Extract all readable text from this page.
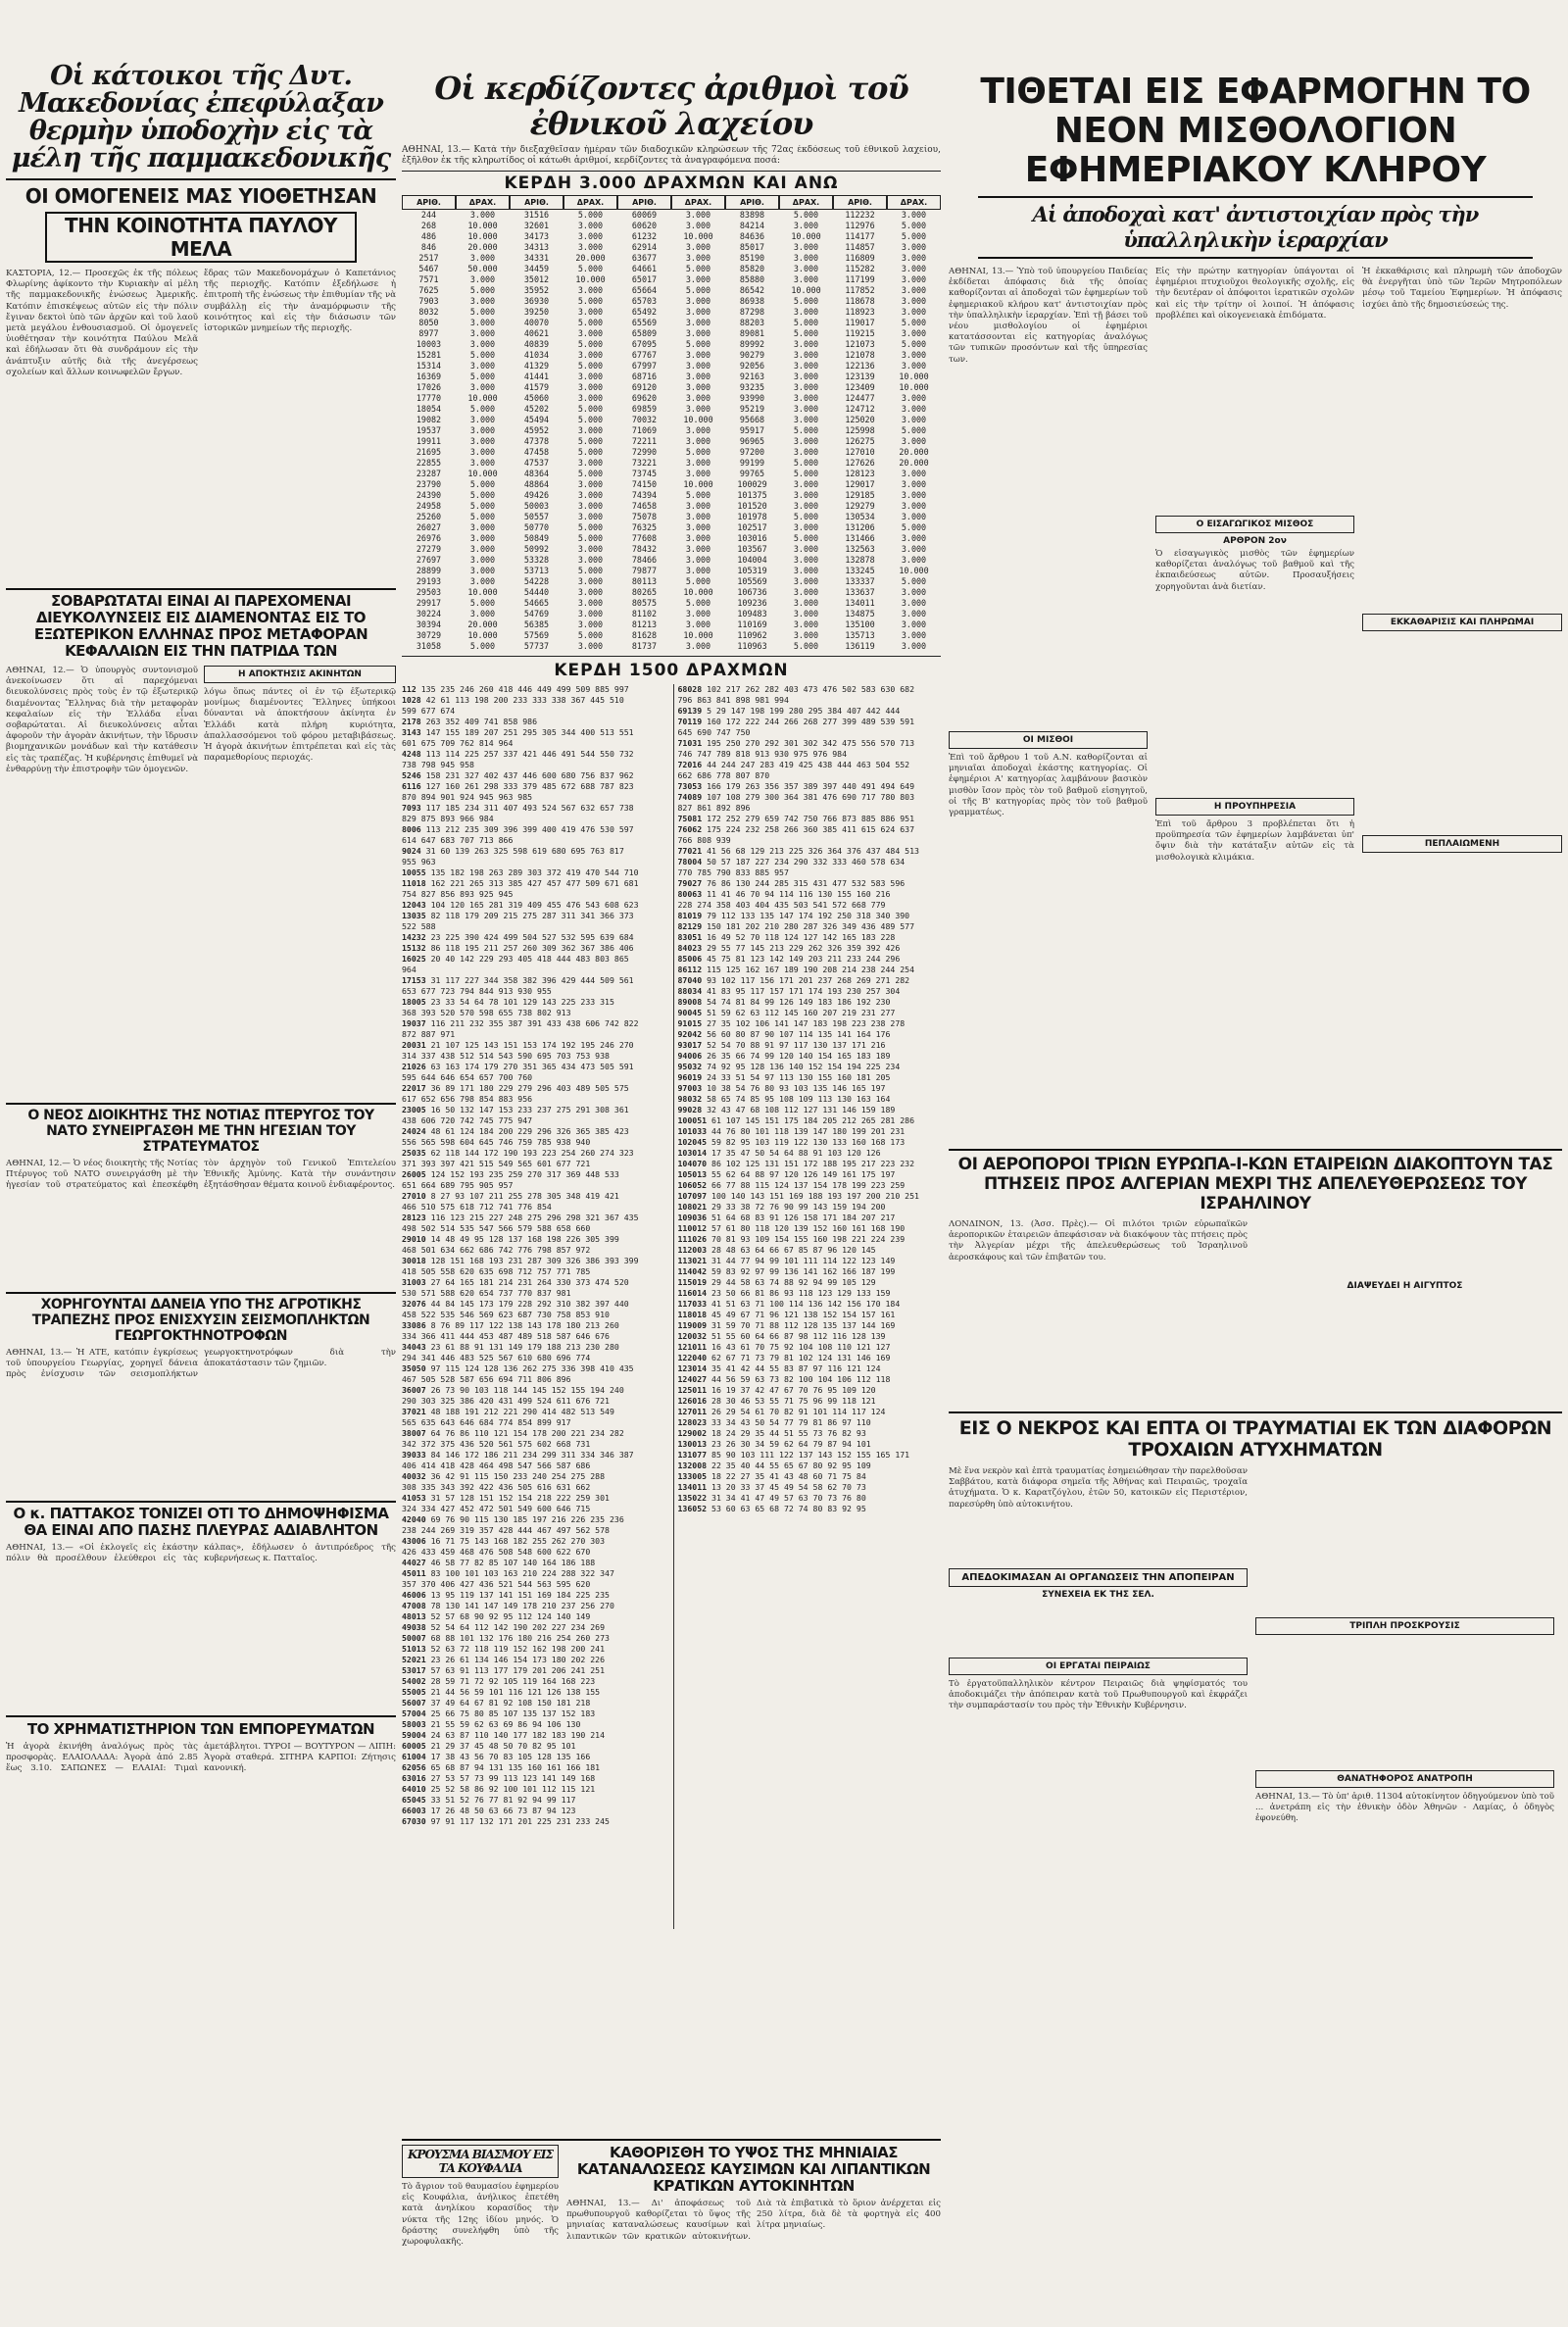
Οἱ κάτοικοι τῆς Δυτ. Μακεδονίας ἐπεφύλαξαν θερμὴν ὑποδοχὴν εἰς τὰ μέλη τῆς παμμακεδονικῆς
ΟΙ ΟΜΟΓΕΝΕΙΣ ΜΑΣ ΥΙΟΘΕΤΗΣΑΝ
ΤΗΝ ΚΟΙΝΟΤΗΤΑ ΠΑΥΛΟΥ ΜΕΛΑ
ΚΑΣΤΟΡΙΑ, 12.— Προσεχῶς ἐκ τῆς πόλεως Φλωρίνης ἀφίκοντο τὴν Κυριακὴν αἱ μέλη τῆς παμμακεδονικῆς ἑνώσεως Ἀμερικῆς. Κατόπιν ἐπισκέψεως αὐτῶν εἰς τὴν πόλιν ἔγιναν δεκτοὶ ὑπὸ τῶν ἀρχῶν καὶ τοῦ λαοῦ μετὰ μεγάλου ἐνθουσιασμοῦ. Οἱ ὁμογενεῖς ὑιοθέτησαν τὴν κοινότητα Παύλου Μελᾶ καὶ ἐδήλωσαν ὅτι θὰ συνδράμουν εἰς τὴν ἀνάπτυξιν αὐτῆς διὰ τῆς ἀνεγέρσεως σχολείων καὶ ἄλλων κοινωφελῶν ἔργων.
ἔδρας τῶν Μακεδονομάχων ὁ Καπετάνιος τῆς περιοχῆς. Κατόπιν ἐξεδήλωσε ἡ ἐπιτροπὴ τῆς ἑνώσεως τὴν ἐπιθυμίαν τῆς νὰ συμβάλλῃ εἰς τὴν ἀναμόρφωσιν τῆς κοινότητος καὶ εἰς τὴν διάσωσιν τῶν ἱστορικῶν μνημείων τῆς περιοχῆς.
ΣΟΒΑΡΩΤΑΤΑΙ ΕΙΝΑΙ ΑΙ ΠΑΡΕΧΟΜΕΝΑΙ ΔΙΕΥΚΟΛΥΝΣΕΙΣ ΕΙΣ ΔΙΑΜΕΝΟΝΤΑΣ ΕΙΣ ΤΟ ΕΞΩΤΕΡΙΚΟΝ ΕΛΛΗΝΑΣ ΠΡΟΣ ΜΕΤΑΦΟΡΑΝ ΚΕΦΑΛΑΙΩΝ ΕΙΣ ΤΗΝ ΠΑΤΡΙΔΑ ΤΩΝ
ΑΘΗΝΑΙ, 12.— Ὁ ὑπουργὸς συντονισμοῦ ἀνεκοίνωσεν ὅτι αἱ παρεχόμεναι διευκολύνσεις πρὸς τοὺς ἐν τῷ ἐξωτερικῷ διαμένοντας Ἕλληνας διὰ τὴν μεταφορὰν κεφαλαίων εἰς τὴν Ἑλλάδα εἶναι σοβαρώταται. Αἱ διευκολύνσεις αὗται ἀφοροῦν τὴν ἀγορὰν ἀκινήτων, τὴν ἵδρυσιν βιομηχανικῶν μονάδων καὶ τὴν κατάθεσιν εἰς τὰς τραπέζας. Ἡ κυβέρνησις ἐπιθυμεῖ νὰ ἐνθαρρύνῃ τὴν ἐπιστροφὴν τῶν ὁμογενῶν.
Η ΑΠΟΚΤΗΣΙΣ ΑΚΙΝΗΤΩΝ
λόγω ὅπως πάντες οἱ ἐν τῷ ἐξωτερικῷ μονίμως διαμένοντες Ἕλληνες ὑπήκοοι δύνανται νὰ ἀποκτήσουν ἀκίνητα ἐν Ἑλλάδι κατὰ πλήρη κυριότητα, ἀπαλλασσόμενοι τοῦ φόρου μεταβιβάσεως. Ἡ ἀγορὰ ἀκινήτων ἐπιτρέπεται καὶ εἰς τὰς παραμεθορίους περιοχάς.
Ο ΝΕΟΣ ΔΙΟΙΚΗΤΗΣ ΤΗΣ ΝΟΤΙΑΣ ΠΤΕΡΥΓΟΣ ΤΟΥ ΝΑΤΟ ΣΥΝΕΙΡΓΑΣΘΗ ΜΕ ΤΗΝ ΗΓΕΣΙΑΝ ΤΟΥ ΣΤΡΑΤΕΥΜΑΤΟΣ
ΑΘΗΝΑΙ, 12.— Ὁ νέος διοικητὴς τῆς Νοτίας Πτέρυγος τοῦ ΝΑΤΟ συνειργάσθη μὲ τὴν ἡγεσίαν τοῦ στρατεύματος καὶ ἐπεσκέφθη τὸν ἀρχηγὸν τοῦ Γενικοῦ Ἐπιτελείου Ἐθνικῆς Ἀμύνης. Κατὰ τὴν συνάντησιν ἐξητάσθησαν θέματα κοινοῦ ἐνδιαφέροντος.
ΧΟΡΗΓΟΥΝΤΑΙ ΔΑΝΕΙΑ ΥΠΟ ΤΗΣ ΑΓΡΟΤΙΚΗΣ ΤΡΑΠΕΖΗΣ ΠΡΟΣ ΕΝΙΣΧΥΣΙΝ ΣΕΙΣΜΟΠΛΗΚΤΩΝ ΓΕΩΡΓΟΚΤΗΝΟΤΡΟΦΩΝ
ΑΘΗΝΑΙ, 13.— Ἡ ΑΤΕ, κατόπιν ἐγκρίσεως τοῦ ὑπουργείου Γεωργίας, χορηγεῖ δάνεια πρὸς ἐνίσχυσιν τῶν σεισμοπλήκτων γεωργοκτηνοτρόφων διὰ τὴν ἀποκατάστασιν τῶν ζημιῶν.
Ο κ. ΠΑΤΤΑΚΟΣ ΤΟΝΙΖΕΙ ΟΤΙ ΤΟ ΔΗΜΟΨΗΦΙΣΜΑ ΘΑ ΕΙΝΑΙ ΑΠΟ ΠΑΣΗΣ ΠΛΕΥΡΑΣ ΑΔΙΑΒΛΗΤΟΝ
ΑΘΗΝΑΙ, 13.— «Οἱ ἐκλογεῖς εἰς ἑκάστην πόλιν θὰ προσέλθουν ἐλεύθεροι εἰς τὰς κάλπας», ἐδήλωσεν ὁ ἀντιπρόεδρος τῆς κυβερνήσεως κ. Πατταῖος.
ΤΟ ΧΡΗΜΑΤΙΣΤΗΡΙΟΝ ΤΩΝ ΕΜΠΟΡΕΥΜΑΤΩΝ
Ἡ ἀγορὰ ἐκινήθη ἀναλόγως πρὸς τὰς προσφορὰς. ΕΛΑΙΟΛΑΔΑ: Ἀγορὰ ἀπό 2.85 ἕως 3.10. ΣΑΠΩΝΕΣ — ΕΛΑΙΑΙ: Τιμαὶ ἀμετάβλητοι. ΤΥΡΟΙ — ΒΟΥΤΥΡΟΝ — ΛΙΠΗ: Ἀγορὰ σταθερά. ΣΙΤΗΡΑ ΚΑΡΠΟΙ: Ζήτησις κανονική.
Οἱ κερδίζοντες ἀριθμοὶ τοῦ ἐθνικοῦ λαχείου
ΑΘΗΝΑΙ, 13.— Κατὰ τὴν διεξαχθεῖσαν ἡμέραν τῶν διαδοχικῶν κληρώσεων τῆς 72ας ἐκδόσεως τοῦ ἐθνικοῦ λαχείου, ἐξῆλθον ἐκ τῆς κληρωτίδος οἱ κάτωθι ἀριθμοί, κερδίζοντες τὰ ἀναγραφόμενα ποσά:
ΚΕΡΔΗ 3.000 ΔΡΑΧΜΩΝ ΚΑΙ ΑΝΩ
ΑΡΙΘ.	ΔΡΑΧ.	ΑΡΙΘ.	ΔΡΑΧ.	ΑΡΙΘ.	ΔΡΑΧ.	ΑΡΙΘ.	ΔΡΑΧ.	ΑΡΙΘ.	ΔΡΑΧ.
244	3.000	31516	5.000	60069	3.000	83898	5.000	112232	3.000
268	10.000	32601	3.000	60620	3.000	84214	3.000	112976	5.000
486	10.000	34173	3.000	61232	10.000	84636	10.000	114177	5.000
846	20.000	34313	3.000	62914	3.000	85017	3.000	114857	3.000
2517	3.000	34331	20.000	63677	3.000	85190	3.000	116809	3.000
5467	50.000	34459	5.000	64661	5.000	85820	3.000	115282	3.000
7571	3.000	35012	10.000	65017	3.000	85880	3.000	117199	3.000
7625	5.000	35952	3.000	65664	5.000	86542	10.000	117852	3.000
7903	3.000	36930	5.000	65703	3.000	86938	5.000	118678	3.000
8032	5.000	39250	3.000	65492	3.000	87298	3.000	118923	3.000
8050	3.000	40070	5.000	65569	3.000	88203	5.000	119017	5.000
8977	3.000	40621	3.000	65809	3.000	89081	5.000	119215	3.000
10003	3.000	40839	5.000	67095	5.000	89992	3.000	121073	5.000
15281	5.000	41034	3.000	67767	3.000	90279	3.000	121078	3.000
15314	3.000	41329	5.000	67997	3.000	92056	3.000	122136	3.000
16369	5.000	41441	3.000	68716	3.000	92163	3.000	123139	10.000
17026	3.000	41579	3.000	69120	3.000	93235	3.000	123409	10.000
17770	10.000	45060	3.000	69620	3.000	93990	3.000	124477	3.000
18054	5.000	45202	5.000	69859	3.000	95219	3.000	124712	3.000
19082	3.000	45494	5.000	70032	10.000	95668	3.000	125020	3.000
19537	3.000	45952	3.000	71069	3.000	95917	5.000	125998	5.000
19911	3.000	47378	5.000	72211	3.000	96965	3.000	126275	3.000
21695	3.000	47458	5.000	72990	5.000	97200	3.000	127010	20.000
22855	3.000	47537	3.000	73221	3.000	99199	5.000	127626	20.000
23287	10.000	48364	5.000	73745	3.000	99765	5.000	128123	3.000
23790	5.000	48864	3.000	74150	10.000	100029	3.000	129017	3.000
24390	5.000	49426	3.000	74394	5.000	101375	3.000	129185	3.000
24958	5.000	50003	3.000	74658	3.000	101520	3.000	129279	3.000
25260	5.000	50557	3.000	75078	3.000	101978	5.000	130534	3.000
26027	3.000	50770	5.000	76325	3.000	102517	3.000	131206	5.000
26976	3.000	50849	5.000	77608	3.000	103016	5.000	131466	3.000
27279	3.000	50992	3.000	78432	3.000	103567	3.000	132563	3.000
27697	3.000	53328	3.000	78466	3.000	104004	3.000	132878	3.000
28899	3.000	53713	5.000	79877	3.000	105319	3.000	133245	10.000
29193	3.000	54228	3.000	80113	5.000	105569	3.000	133337	5.000
29503	10.000	54440	3.000	80265	10.000	106736	3.000	133637	3.000
29917	5.000	54665	3.000	80575	5.000	109236	3.000	134011	3.000
30224	3.000	54769	3.000	81102	3.000	109483	3.000	134875	3.000
30394	20.000	56385	3.000	81213	3.000	110169	3.000	135100	3.000
30729	10.000	57569	5.000	81628	10.000	110962	3.000	135713	3.000
31058	5.000	57737	3.000	81737	3.000	110963	5.000	136119	3.000
ΚΕΡΔΗ 1500 ΔΡΑΧΜΩΝ
112 135 235 246 260 418 446 449 499 509 885 997
1028 42 61 113 198 200 233 333 338 367 445 510
599 677 674
2178 263 352 409 741 858 986
3143 147 155 189 207 251 295 305 344 400 513 551
601 675 709 762 814 964
4248 113 114 225 257 337 421 446 491 544 550 732
738 798 945 958
5246 158 231 327 402 437 446 600 680 756 837 962
6116 127 160 261 298 333 379 485 672 688 787 823
870 894 901 924 945 963 985
7093 117 185 234 311 407 493 524 567 632 657 738
829 875 893 966 984
8006 113 212 235 309 396 399 400 419 476 530 597
614 647 683 707 713 866
9024 31 60 139 263 325 598 619 680 695 763 817
955 963
10055 135 182 198 263 289 303 372 419 470 544 710
11018 162 221 265 313 385 427 457 477 509 671 681
754 827 856 893 925 945
12043 104 120 165 281 319 409 455 476 543 608 623
13035 82 118 179 209 215 275 287 311 341 366 373
522 588
14232 23 225 390 424 499 504 527 532 595 639 684
15132 86 118 195 211 257 260 309 362 367 386 406
16025 20 40 142 229 293 405 418 444 483 803 865
964
17153 31 117 227 344 358 382 396 429 444 509 561
653 677 723 794 844 913 930 955
18005 23 33 54 64 78 101 129 143 225 233 315
368 393 520 570 598 655 738 802 913
19037 116 211 232 355 387 391 433 438 606 742 822
872 887 971
20031 21 107 125 143 151 153 174 192 195 246 270
314 337 438 512 514 543 590 695 703 753 938
21026 63 163 174 179 270 351 365 434 473 505 591
595 644 646 654 657 700 760
22017 36 89 171 180 229 279 296 403 489 505 575
617 652 656 798 854 883 956
23005 16 50 132 147 153 233 237 275 291 308 361
438 606 720 742 745 775 947
24024 48 61 124 184 200 229 296 326 365 385 423
556 565 598 604 645 746 759 785 938 940
25035 62 118 144 172 190 193 223 254 260 274 323
371 393 397 421 515 549 565 601 677 721
26005 124 152 193 235 259 270 317 369 448 533
651 664 689 795 905 957
27010 8 27 93 107 211 255 278 305 348 419 421
466 510 575 618 712 741 776 854
28123 116 123 215 227 248 275 296 298 321 367 435
498 502 514 535 547 566 579 588 658 660
29010 14 48 49 95 128 137 168 198 226 305 399
468 501 634 662 686 742 776 798 857 972
30018 128 151 168 193 231 287 309 326 386 393 399
418 505 558 620 635 698 712 757 771 785
31003 27 64 165 181 214 231 264 330 373 474 520
530 571 588 620 654 737 770 837 981
32076 44 84 145 173 179 228 292 310 382 397 440
458 522 535 546 569 623 687 730 758 853 910
33086 8 76 89 117 122 138 143 178 180 213 260
334 366 411 444 453 487 489 518 587 646 676
34043 23 61 88 91 131 149 179 188 213 230 280
294 341 446 483 525 567 610 680 696 774
35050 97 115 124 128 136 262 275 336 398 410 435
467 505 528 587 656 694 711 806 896
36007 26 73 90 103 118 144 145 152 155 194 240
290 303 325 386 420 431 499 524 611 676 721
37021 48 188 191 212 221 290 414 482 513 549
565 635 643 646 684 774 854 899 917
38007 64 76 86 110 121 154 178 200 221 234 282
342 372 375 436 520 561 575 602 668 731
39033 84 146 172 186 211 234 299 311 334 346 387
406 414 418 428 464 498 547 566 587 686
40032 36 42 91 115 150 233 240 254 275 288
308 335 343 392 422 436 505 616 631 662
41053 31 57 128 151 152 154 218 222 259 301
324 334 427 452 472 501 549 600 646 715
42040 69 76 90 115 130 185 197 216 226 235 236
238 244 269 319 357 428 444 467 497 562 578
43006 16 71 75 143 168 182 255 262 270 303
426 433 459 468 476 508 548 600 622 670
44027 46 58 77 82 85 107 140 164 186 188
45011 83 100 101 103 163 210 224 288 322 347
357 370 406 427 436 521 544 563 595 620
46006 13 95 119 137 141 151 169 184 225 235
47008 78 130 141 147 149 178 210 237 256 270
48013 52 57 68 90 92 95 112 124 140 149
49038 52 54 64 112 142 190 202 227 234 269
50007 68 88 101 132 176 180 216 254 260 273
51013 52 63 72 118 119 152 162 198 200 241
52021 23 26 61 134 146 154 173 180 202 226
53017 57 63 91 113 177 179 201 206 241 251
54002 28 59 71 72 92 105 119 164 168 223
55005 21 44 56 59 101 116 121 126 138 155
56007 37 49 64 67 81 92 108 150 181 218
57004 25 66 75 80 85 107 135 137 152 183
58003 21 55 59 62 63 69 86 94 106 130
59004 24 63 87 110 140 177 182 183 190 214
60005 21 29 37 45 48 50 70 82 95 101
61004 17 38 43 56 70 83 105 128 135 166
62056 65 68 87 94 131 135 160 161 166 181
63016 27 53 57 73 99 113 123 141 149 168
64010 25 52 58 86 92 100 101 112 115 121
65045 33 51 52 76 77 81 92 94 99 117
66003 17 26 48 50 63 66 73 87 94 123
67030 97 91 117 132 171 201 225 231 233 245
68028 102 217 262 282 403 473 476 502 583 630 682
796 863 841 898 981 994
69139 5 29 147 198 199 280 295 384 407 442 444
70119 160 172 222 244 266 268 277 399 489 539 591
645 690 747 750
71031 195 250 270 292 301 302 342 475 556 570 713
746 747 789 818 913 930 975 976 984
72016 44 244 247 283 419 425 438 444 463 504 552
662 686 778 807 870
73053 166 179 263 356 357 389 397 440 491 494 649
74089 107 108 279 300 364 381 476 690 717 780 803
827 861 892 896
75081 172 252 279 659 742 750 766 873 885 886 951
76062 175 224 232 258 266 360 385 411 615 624 637
766 808 939
77021 41 56 68 129 213 225 326 364 376 437 484 513
78004 50 57 187 227 234 290 332 333 460 578 634
770 785 790 833 885 957
79027 76 86 130 244 285 315 431 477 532 583 596
80063 11 41 46 70 94 114 116 130 155 160 216
228 274 358 403 404 435 503 541 572 668 779
81019 79 112 133 135 147 174 192 250 318 340 390
82129 150 181 202 210 280 287 326 349 436 489 577
83051 16 49 52 70 118 124 127 142 165 183 228
84023 29 55 77 145 213 229 262 326 359 392 426
85006 45 75 81 123 142 149 203 211 233 244 296
86112 115 125 162 167 189 190 208 214 238 244 254
87040 93 102 117 156 171 201 237 268 269 271 282
88034 41 83 95 117 157 171 174 193 230 257 304
89008 54 74 81 84 99 126 149 183 186 192 230
90045 51 59 62 63 112 145 160 207 219 231 277
91015 27 35 102 106 141 147 183 198 223 238 278
92042 56 60 80 87 90 107 114 135 141 164 176
93017 52 54 70 88 91 97 117 130 137 171 216
94006 26 35 66 74 99 120 140 154 165 183 189
95032 74 92 95 128 136 140 152 154 194 225 234
96019 24 33 51 54 97 113 130 155 160 181 205
97003 10 38 54 76 80 93 103 135 146 165 197
98032 58 65 74 85 95 108 109 113 130 163 164
99028 32 43 47 68 108 112 127 131 146 159 189
100051 61 107 145 151 175 184 205 212 265 281 286
101033 44 76 80 101 118 139 147 180 199 201 231
102045 59 82 95 103 119 122 130 133 160 168 173
103014 17 35 47 50 54 64 88 91 103 120 126
104070 86 102 125 131 151 172 188 195 217 223 232
105013 55 62 64 88 97 120 126 149 161 175 197
106052 66 77 88 115 124 137 154 178 199 223 259
107097 100 140 143 151 169 188 193 197 200 210 251
108021 29 33 38 72 76 90 99 143 159 194 200
109036 51 64 68 83 91 126 158 171 184 207 217
110012 57 61 80 118 120 139 152 160 161 168 190
111026 70 81 93 109 154 155 160 198 221 224 239
112003 28 48 63 64 66 67 85 87 96 120 145
113021 31 44 77 94 99 101 111 114 122 123 149
114042 59 83 92 97 99 136 141 162 166 187 199
115019 29 44 58 63 74 88 92 94 99 105 129
116014 23 50 66 81 86 93 118 123 129 133 159
117033 41 51 63 71 100 114 136 142 156 170 184
118018 45 49 67 71 96 121 138 152 154 157 161
119009 31 59 70 71 88 112 128 135 137 144 169
120032 51 55 60 64 66 87 98 112 116 128 139
121011 16 43 61 70 75 92 104 108 110 121 127
122040 62 67 71 73 79 81 102 124 131 146 169
123014 35 41 42 44 55 83 87 97 116 121 124
124027 44 56 59 63 73 82 100 104 106 112 118
125011 16 19 37 42 47 67 70 76 95 109 120
126016 28 30 46 53 55 71 75 96 99 118 121
127011 26 29 54 61 70 82 91 101 114 117 124
128023 33 34 43 50 54 77 79 81 86 97 110
129002 18 24 29 35 44 51 55 73 76 82 93
130013 23 26 30 34 59 62 64 79 87 94 101
131077 85 90 103 111 122 137 143 152 155 165 171
132008 22 35 40 44 55 65 67 80 92 95 109
133005 18 22 27 35 41 43 48 60 71 75 84
134011 13 20 33 37 45 49 54 58 62 70 73
135022 31 34 41 47 49 57 63 70 73 76 80
136052 53 60 63 65 68 72 74 80 83 92 95
ΤΙΘΕΤΑΙ ΕΙΣ ΕΦΑΡΜΟΓΗΝ ΤΟ ΝΕΟΝ ΜΙΣΘΟΛΟΓΙΟΝ ΕΦΗΜΕΡΙΑΚΟΥ ΚΛΗΡΟΥ
Αἱ ἀποδοχαὶ κατ' ἀντιστοιχίαν πρὸς τὴν ὑπαλληλικὴν ἱεραρχίαν
ΑΘΗΝΑΙ, 13.— Ὑπὸ τοῦ ὑπουργείου Παιδείας ἐκδίδεται ἀπόφασις διὰ τῆς ὁποίας καθορίζονται αἱ ἀποδοχαὶ τῶν ἐφημερίων τοῦ ἐφημεριακοῦ κλήρου κατ' ἀντιστοιχίαν πρὸς τὴν ὑπαλληλικὴν ἱεραρχίαν. Ἐπὶ τῇ βάσει τοῦ νέου μισθολογίου οἱ ἐφημέριοι κατατάσσονται εἰς κατηγορίας ἀναλόγως τῶν τυπικῶν προσόντων καὶ τῆς ὑπηρεσίας των.
ΟΙ ΜΙΣΘΟΙ
Ἐπὶ τοῦ ἄρθρου 1 τοῦ Α.Ν. καθορίζονται αἱ μηνιαῖαι ἀποδοχαὶ ἑκάστης κατηγορίας. Οἱ ἐφημέριοι Α' κατηγορίας λαμβάνουν βασικὸν μισθὸν ἴσον πρὸς τὸν τοῦ βαθμοῦ εἰσηγητοῦ, οἱ τῆς Β' κατηγορίας πρὸς τὸν τοῦ βαθμοῦ γραμματέως.
Εἰς τὴν πρώτην κατηγορίαν ὑπάγονται οἱ ἐφημέριοι πτυχιοῦχοι θεολογικῆς σχολῆς, εἰς τὴν δευτέραν οἱ ἀπόφοιτοι ἱερατικῶν σχολῶν καὶ εἰς τὴν τρίτην οἱ λοιποί. Ἡ ἀπόφασις προβλέπει καὶ οἰκογενειακὰ ἐπιδόματα.
Ο ΕΙΣΑΓΩΓΙΚΟΣ ΜΙΣΘΟΣ
ΑΡΘΡΟΝ 2ον
Ὁ εἰσαγωγικὸς μισθὸς τῶν ἐφημερίων καθορίζεται ἀναλόγως τοῦ βαθμοῦ καὶ τῆς ἐκπαιδεύσεως αὐτῶν. Προσαυξήσεις χορηγοῦνται ἀνὰ διετίαν.
Η ΠΡΟΥΠΗΡΕΣΙΑ
Ἐπὶ τοῦ ἄρθρου 3 προβλέπεται ὅτι ἡ προϋπηρεσία τῶν ἐφημερίων λαμβάνεται ὑπ' ὄψιν διὰ τὴν κατάταξιν αὐτῶν εἰς τὰ μισθολογικὰ κλιμάκια.
Ἡ ἐκκαθάρισις καὶ πληρωμὴ τῶν ἀποδοχῶν θὰ ἐνεργῆται ὑπὸ τῶν Ἱερῶν Μητροπόλεων μέσῳ τοῦ Ταμείου Ἐφημερίων. Ἡ ἀπόφασις ἰσχύει ἀπὸ τῆς δημοσιεύσεώς της.
ΕΚΚΑΘΑΡΙΣΙΣ ΚΑΙ ΠΛΗΡΩΜΑΙ
ΠΕΠΛΑΙΩΜΕΝΗ
ΟΙ ΑΕΡΟΠΟΡΟΙ ΤΡΙΩΝ ΕΥΡΩΠΑ-Ι-ΚΩΝ ΕΤΑΙΡΕΙΩΝ ΔΙΑΚΟΠΤΟΥΝ ΤΑΣ ΠΤΗΣΕΙΣ ΠΡΟΣ ΑΛΓΕΡΙΑΝ ΜΕΧΡΙ ΤΗΣ ΑΠΕΛΕΥΘΕΡΩΣΕΩΣ ΤΟΥ ΙΣΡΑΗΛΙΝΟΥ
ΛΟΝΔΙΝΟΝ, 13. (Ἀσσ. Πρὲς).— Οἱ πιλότοι τριῶν εὐρωπαϊκῶν ἀεροπορικῶν ἑταιρειῶν ἀπεφάσισαν νὰ διακόψουν τὰς πτήσεις πρὸς τὴν Ἀλγερίαν μέχρι τῆς ἀπελευθερώσεως τοῦ Ἰσραηλινοῦ ἀεροσκάφους καὶ τῶν ἐπιβατῶν του.
ΔΙΑΨΕΥΔΕΙ Η ΑΙΓΥΠΤΟΣ
ΕΙΣ Ο ΝΕΚΡΟΣ ΚΑΙ ΕΠΤΑ ΟΙ ΤΡΑΥΜΑΤΙΑΙ ΕΚ ΤΩΝ ΔΙΑΦΟΡΩΝ ΤΡΟΧΑΙΩΝ ΑΤΥΧΗΜΑΤΩΝ
Μὲ ἕνα νεκρὸν καὶ ἑπτὰ τραυματίας ἐσημειώθησαν τὴν παρελθοῦσαν Σαββάτου, κατὰ διάφορα σημεῖα τῆς Ἀθήνας καὶ Πειραιῶς, τροχαῖα ἀτυχήματα. Ὁ κ. Καρατζόγλου, ἐτῶν 50, κατοικῶν εἰς Περιστέριον, παρεσύρθη ὑπὸ αὐτοκινήτου.
ΑΠΕΔΟΚΙΜΑΣΑΝ ΑΙ ΟΡΓΑΝΩΣΕΙΣ ΤΗΝ ΑΠΟΠΕΙΡΑΝ
ΣΥΝΕΧΕΙΑ ΕΚ ΤΗΣ ΣΕΛ.
ΟΙ ΕΡΓΑΤΑΙ ΠΕΙΡΑΙΩΣ
Τὸ ἐργατοϋπαλληλικὸν κέντρον Πειραιῶς διὰ ψηφίσματός του ἀποδοκιμάζει τὴν ἀπόπειραν κατὰ τοῦ Πρωθυπουργοῦ καὶ ἐκφράζει τὴν συμπαράστασίν του πρὸς τὴν Ἐθνικὴν Κυβέρνησιν.
ΤΡΙΠΛΗ ΠΡΟΣΚΡΟΥΣΙΣ
ΘΑΝΑΤΗΦΟΡΟΣ ΑΝΑΤΡΟΠΗ
ΑΘΗΝΑΙ, 13.— Τὸ ὑπ' ἀριθ. 11304 αὐτοκίνητον ὁδηγούμενον ὑπὸ τοῦ ... ἀνετράπη εἰς τὴν ἐθνικὴν ὁδὸν Ἀθηνῶν - Λαμίας, ὁ ὁδηγὸς ἐφονεύθη.
ΚΡΟΥΣΜΑ ΒΙΑΣΜΟΥ ΕΙΣ ΤΑ ΚΟΥΦΑΛΙΑ
Τὸ ἄγριον τοῦ θαυμασίου ἐφημερίου εἰς Κουφάλια, ἀνήλικος ἐπετέθη κατὰ ἀνηλίκου κορασίδος τὴν νύκτα τῆς 12ης ἰδίου μηνός. Ὁ δράστης συνελήφθη ὑπὸ τῆς χωροφυλακῆς.
ΚΑΘΟΡΙΣΘΗ ΤΟ ΥΨΟΣ ΤΗΣ ΜΗΝΙΑΙΑΣ ΚΑΤΑΝΑΛΩΣΕΩΣ ΚΑΥΣΙΜΩΝ ΚΑΙ ΛΙΠΑΝΤΙΚΩΝ ΚΡΑΤΙΚΩΝ ΑΥΤΟΚΙΝΗΤΩΝ
ΑΘΗΝΑΙ, 13.— Δι' ἀποφάσεως τοῦ πρωθυπουργοῦ καθορίζεται τὸ ὕψος τῆς μηνιαίας καταναλώσεως καυσίμων καὶ λιπαντικῶν τῶν κρατικῶν αὐτοκινήτων. Διὰ τὰ ἐπιβατικὰ τὸ ὅριον ἀνέρχεται εἰς 250 λίτρα, διὰ δὲ τὰ φορτηγὰ εἰς 400 λίτρα μηνιαίως.
